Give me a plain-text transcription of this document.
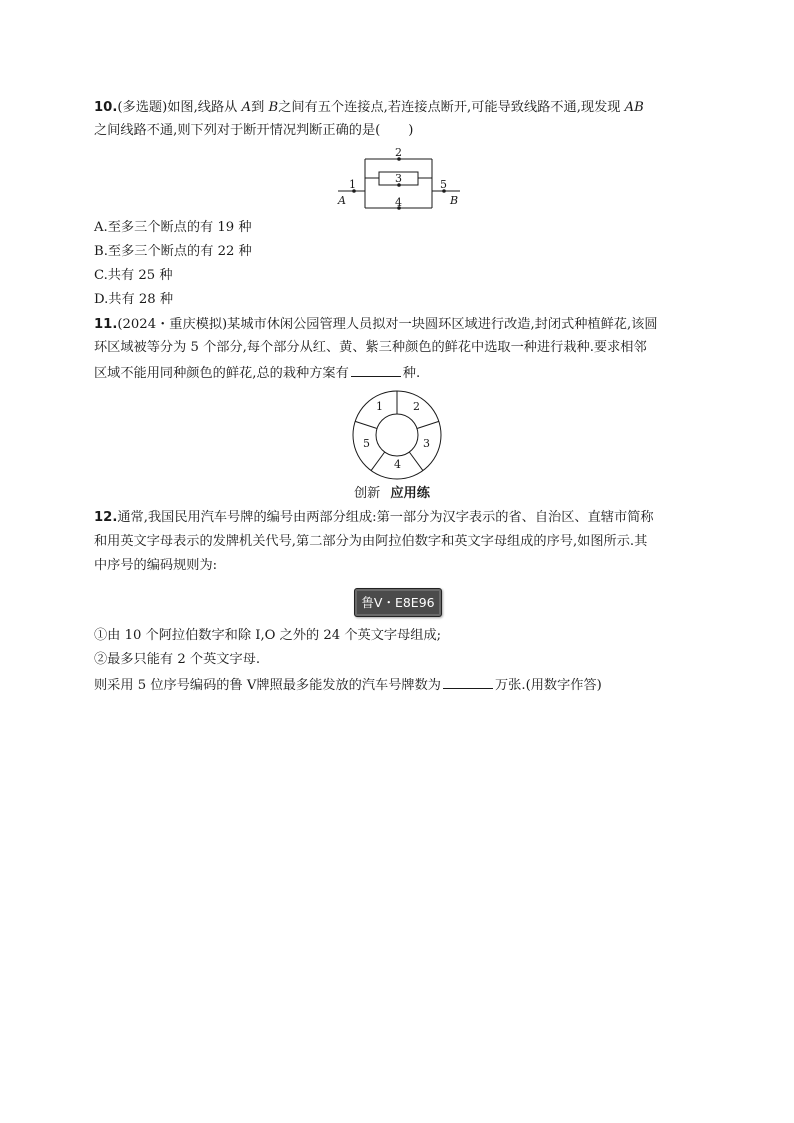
10.(多选题)如图,线路从 A到 B之间有五个连接点,若连接点断开,可能导致线路不通,现发现 AB
之间线路不通,则下列对于断开情况判断正确的是( )
1
2
3
4
5
A	B
A.至多三个断点的有 19 种
B.至多三个断点的有 22 种
C.共有 25 种
D.共有 28 种
11.(2024・重庆模拟)某城市休闲公园管理人员拟对一块圆环区域进行改造,封闭式种植鲜花,该圆
环区域被等分为 5 个部分,每个部分从红、黄、紫三种颜色的鲜花中选取一种进行栽种.要求相邻
区域不能用同种颜色的鲜花,总的栽种方案有	种.
1	2
3
4
5
创新 应用练
12.通常,我国民用汽车号牌的编号由两部分组成:第一部分为汉字表示的省、自治区、直辖市简称
和用英文字母表示的发牌机关代号,第二部分为由阿拉伯数字和英文字母组成的序号,如图所示.其
中序号的编码规则为:
鲁V・E8E96
①由 10 个阿拉伯数字和除 I,O 之外的 24 个英文字母组成;
②最多只能有 2 个英文字母.
则采用 5 位序号编码的鲁 V牌照最多能发放的汽车号牌数为	万张.(用数字作答)
